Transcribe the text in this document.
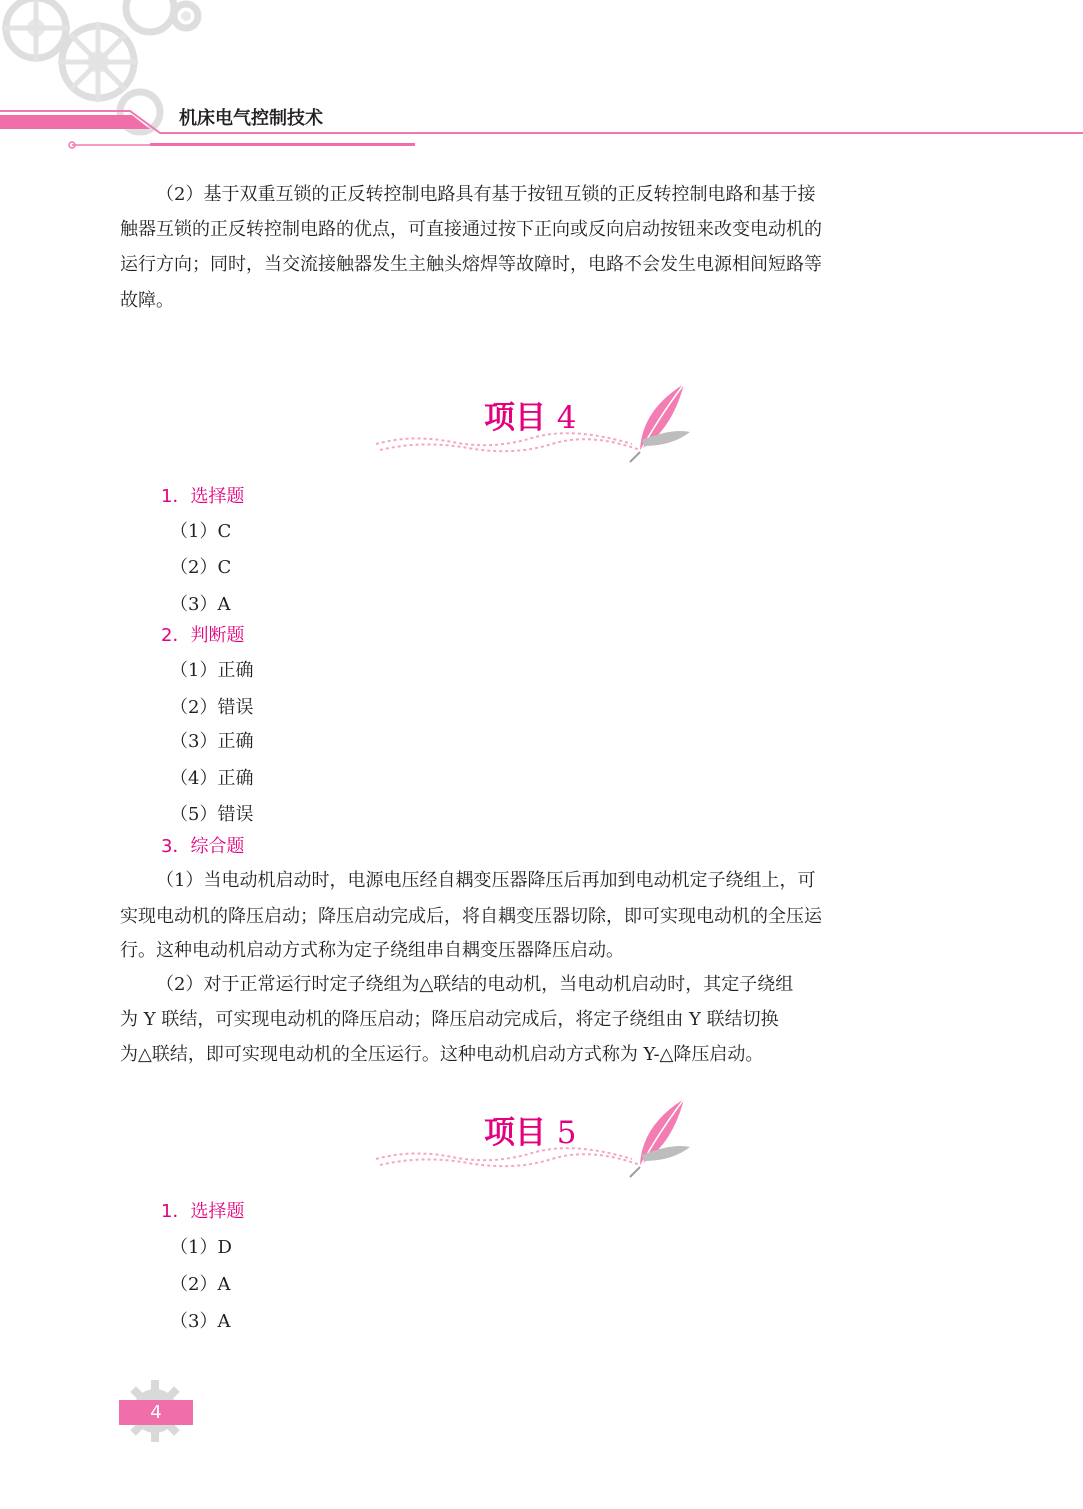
机床电气控制技术
（2）基于双重互锁的正反转控制电路具有基于按钮互锁的正反转控制电路和基于接
触器互锁的正反转控制电路的优点，可直接通过按下正向或反向启动按钮来改变电动机的
运行方向；同时，当交流接触器发生主触头熔焊等故障时，电路不会发生电源相间短路等
故障。
项目 4
1．选择题
（1）C
（2）C
（3）A
2．判断题
（1）正确
（2）错误
（3）正确
（4）正确
（5）错误
3．综合题
（1）当电动机启动时，电源电压经自耦变压器降压后再加到电动机定子绕组上，可
实现电动机的降压启动；降压启动完成后，将自耦变压器切除，即可实现电动机的全压运
行。这种电动机启动方式称为定子绕组串自耦变压器降压启动。
（2）对于正常运行时定子绕组为△联结的电动机，当电动机启动时，其定子绕组
为 Y 联结，可实现电动机的降压启动；降压启动完成后，将定子绕组由 Y 联结切换
为△联结，即可实现电动机的全压运行。这种电动机启动方式称为 Y-△降压启动。
项目 5
1．选择题
（1）D
（2）A
（3）A
4
